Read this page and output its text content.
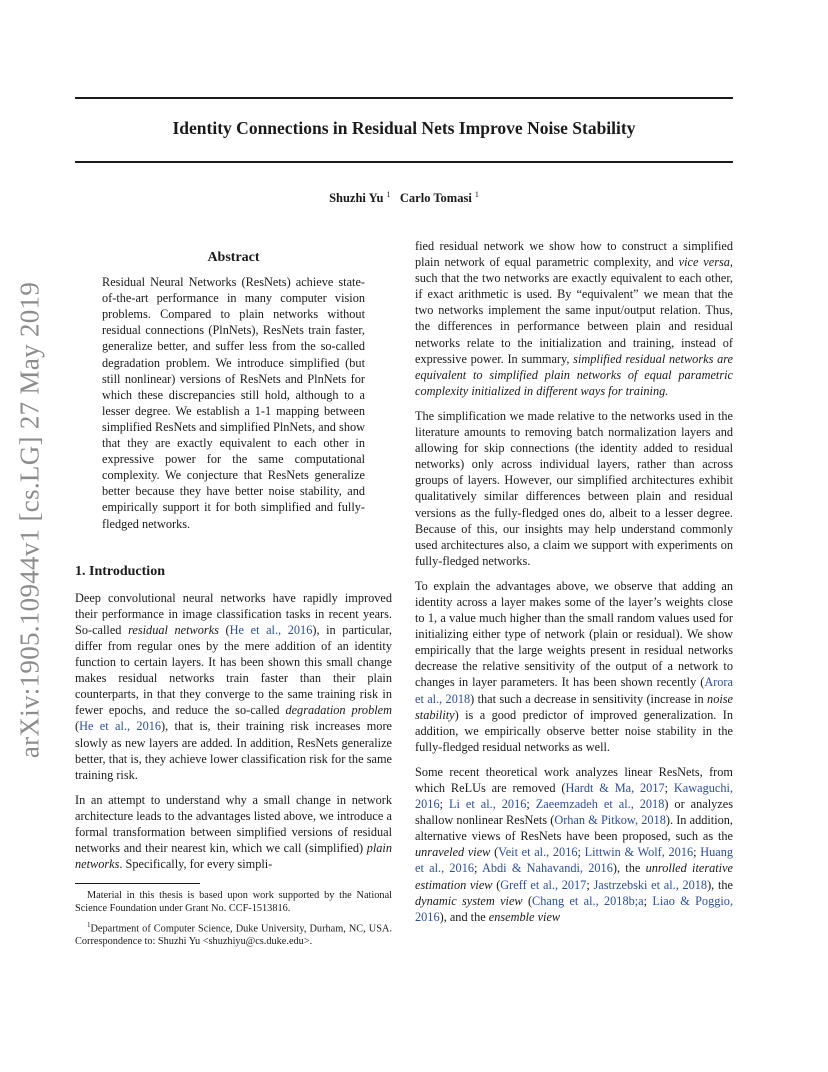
arXiv:1905.10944v1 [cs.LG] 27 May 2019
Identity Connections in Residual Nets Improve Noise Stability
Shuzhi Yu $^1$ Carlo Tomasi $^1$
Abstract

Residual Neural Networks (ResNets) achieve state-of-the-art performance in many computer vision problems. Compared to plain networks without residual connections (PlnNets), ResNets train faster, generalize better, and suffer less from the so-called degradation problem. We introduce simplified (but still nonlinear) versions of ResNets and PlnNets for which these discrepancies still hold, although to a lesser degree. We establish a 1-1 mapping between simplified ResNets and simplified PlnNets, and show that they are exactly equivalent to each other in expressive power for the same computational complexity. We conjecture that ResNets generalize better because they have better noise stability, and empirically support it for both simplified and fully-fledged networks.

1. Introduction

Deep convolutional neural networks have rapidly improved their performance in image classification tasks in recent years. So-called residual networks (He et al., 2016), in particular, differ from regular ones by the mere addition of an identity function to certain layers. It has been shown this small change makes residual networks train faster than their plain counterparts, in that they converge to the same training risk in fewer epochs, and reduce the so-called degradation problem (He et al., 2016), that is, their training risk increases more slowly as new layers are added. In addition, ResNets generalize better, that is, they achieve lower classification risk for the same training risk.

In an attempt to understand why a small change in network architecture leads to the advantages listed above, we introduce a formal transformation between simplified versions of residual networks and their nearest kin, which we call (simplified) plain networks. Specifically, for every simpli-

Material in this thesis is based upon work supported by the National Science Foundation under Grant No. CCF-1513816.

$^1$Department of Computer Science, Duke University, Durham, NC, USA. Correspondence to: Shuzhi Yu <shuzhiyu@cs.duke.edu>.

fied residual network we show how to construct a simplified plain network of equal parametric complexity, and vice versa, such that the two networks are exactly equivalent to each other, if exact arithmetic is used. By “equivalent” we mean that the two networks implement the same input/output relation. Thus, the differences in performance between plain and residual networks relate to the initialization and training, instead of expressive power. In summary, simplified residual networks are equivalent to simplified plain networks of equal parametric complexity initialized in different ways for training.

The simplification we made relative to the networks used in the literature amounts to removing batch normalization layers and allowing for skip connections (the identity added to residual networks) only across individual layers, rather than across groups of layers. However, our simplified architectures exhibit qualitatively similar differences between plain and residual versions as the fully-fledged ones do, albeit to a lesser degree. Because of this, our insights may help understand commonly used architectures also, a claim we support with experiments on fully-fledged networks.

To explain the advantages above, we observe that adding an identity across a layer makes some of the layer’s weights close to 1, a value much higher than the small random values used for initializing either type of network (plain or residual). We show empirically that the large weights present in residual networks decrease the relative sensitivity of the output of a network to changes in layer parameters. It has been shown recently (Arora et al., 2018) that such a decrease in sensitivity (increase in noise stability) is a good predictor of improved generalization. In addition, we empirically observe better noise stability in the fully-fledged residual networks as well.

Some recent theoretical work analyzes linear ResNets, from which ReLUs are removed (Hardt & Ma, 2017; Kawaguchi, 2016; Li et al., 2016; Zaeemzadeh et al., 2018) or analyzes shallow nonlinear ResNets (Orhan & Pitkow, 2018). In addition, alternative views of ResNets have been proposed, such as the unraveled view (Veit et al., 2016; Littwin & Wolf, 2016; Huang et al., 2016; Abdi & Nahavandi, 2016), the unrolled iterative estimation view (Greff et al., 2017; Jastrzebski et al., 2018), the dynamic system view (Chang et al., 2018b;a; Liao & Poggio, 2016), and the ensemble view
